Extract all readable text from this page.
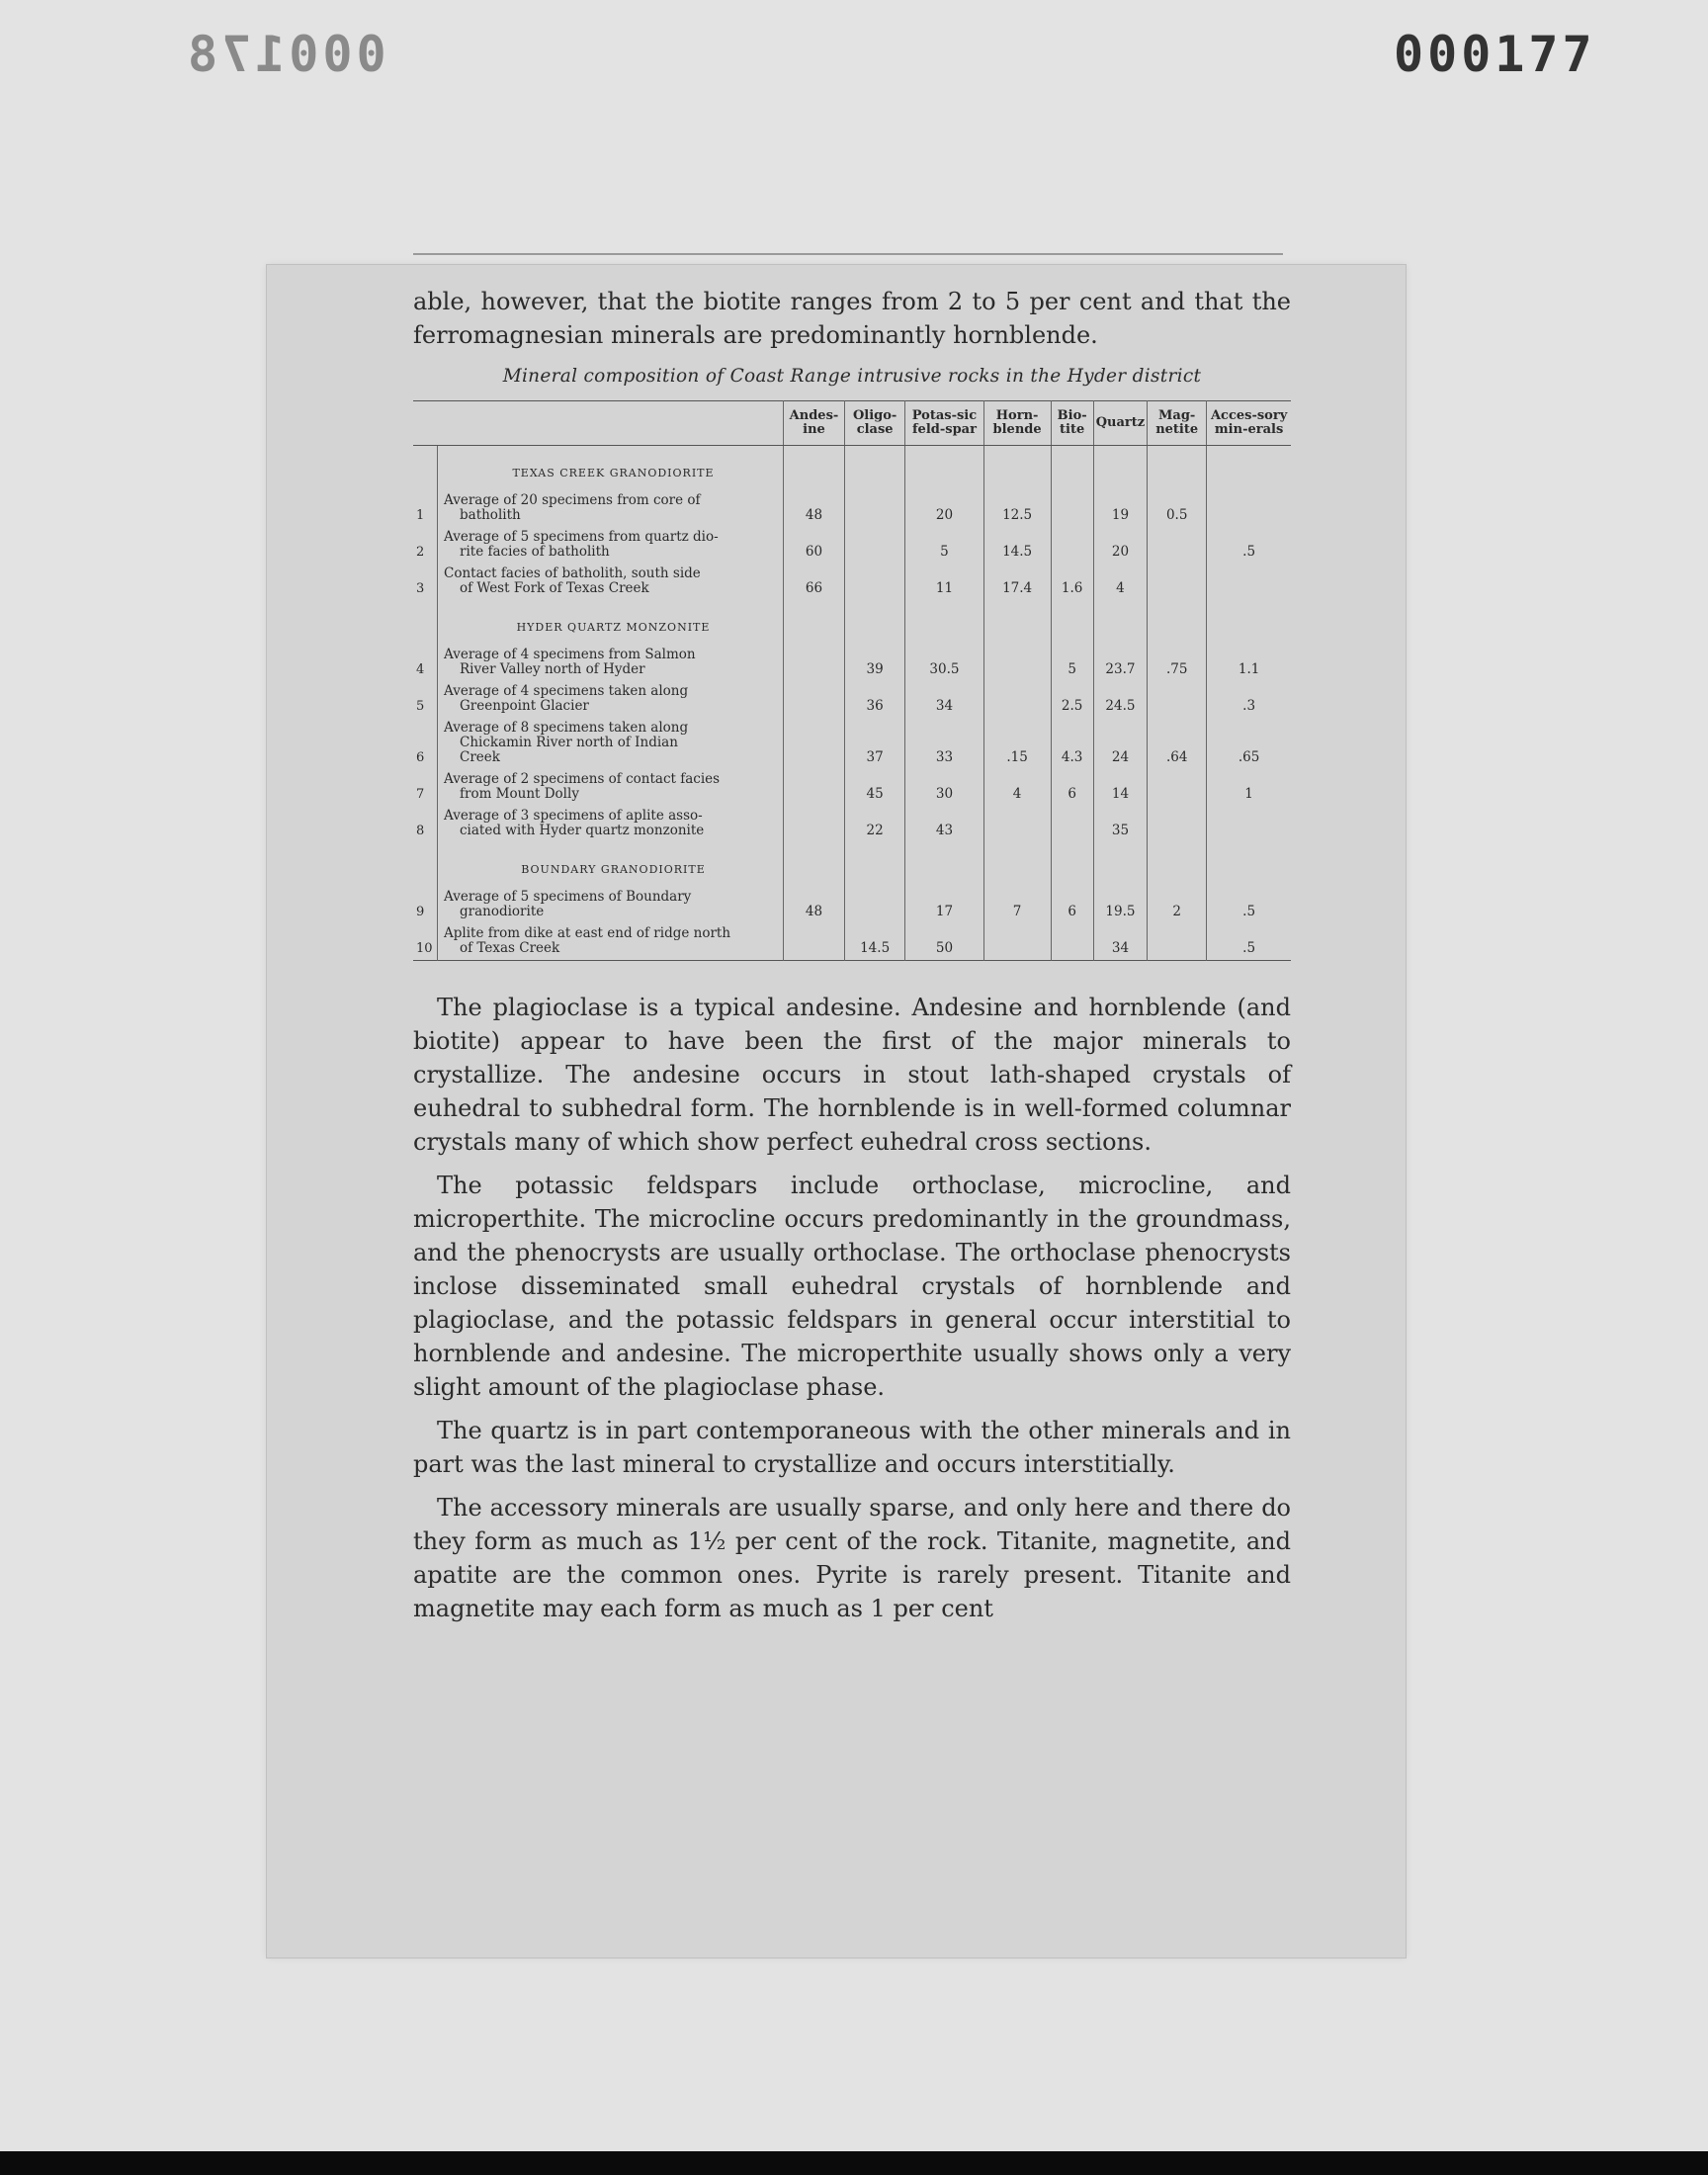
000178	000177

able, however, that the biotite ranges from 2 to 5 per cent and that the ferromagnesian minerals are predominantly hornblende.

Mineral composition of Coast Range intrusive rocks in the Hyder district
		Andes-ine	Oligo-clase	Potas-sic feld-spar	Horn-blende	Bio-tite	Quartz	Mag-netite	Acces-sory min-erals

	TEXAS CREEK GRANODIORITE								

1	Average of 20 specimens from core of
batholith	48		20	12.5		19	0.5	
2	Average of 5 specimens from quartz dio-
rite facies of batholith	60		5	14.5		20		.5
3	Contact facies of batholith, south side
of West Fork of Texas Creek	66		11	17.4	1.6	4		

	HYDER QUARTZ MONZONITE								

4	Average of 4 specimens from Salmon
River Valley north of Hyder		39	30.5		5	23.7	.75	1.1
5	Average of 4 specimens taken along
Greenpoint Glacier		36	34		2.5	24.5		.3
6	Average of 8 specimens taken along
Chickamin River north of Indian
Creek		37	33	.15	4.3	24	.64	.65
7	Average of 2 specimens of contact facies
from Mount Dolly		45	30	4	6	14		1
8	Average of 3 specimens of aplite asso-
ciated with Hyder quartz monzonite		22	43			35		

	BOUNDARY GRANODIORITE								

9	Average of 5 specimens of Boundary
granodiorite	48		17	7	6	19.5	2	.5
10	Aplite from dike at east end of ridge north
of Texas Creek		14.5	50			34		.5

The plagioclase is a typical andesine. Andesine and hornblende (and biotite) appear to have been the first of the major minerals to crystallize. The andesine occurs in stout lath-shaped crystals of euhedral to subhedral form. The hornblende is in well-formed columnar crystals many of which show perfect euhedral cross sections.

The potassic feldspars include orthoclase, microcline, and microperthite. The microcline occurs predominantly in the groundmass, and the phenocrysts are usually orthoclase. The orthoclase phenocrysts inclose disseminated small euhedral crystals of hornblende and plagioclase, and the potassic feldspars in general occur interstitial to hornblende and andesine. The microperthite usually shows only a very slight amount of the plagioclase phase.

The quartz is in part contemporaneous with the other minerals and in part was the last mineral to crystallize and occurs interstitially.

The accessory minerals are usually sparse, and only here and there do they form as much as 1½ per cent of the rock. Titanite, magnetite, and apatite are the common ones. Pyrite is rarely present. Titanite and magnetite may each form as much as 1 per cent
